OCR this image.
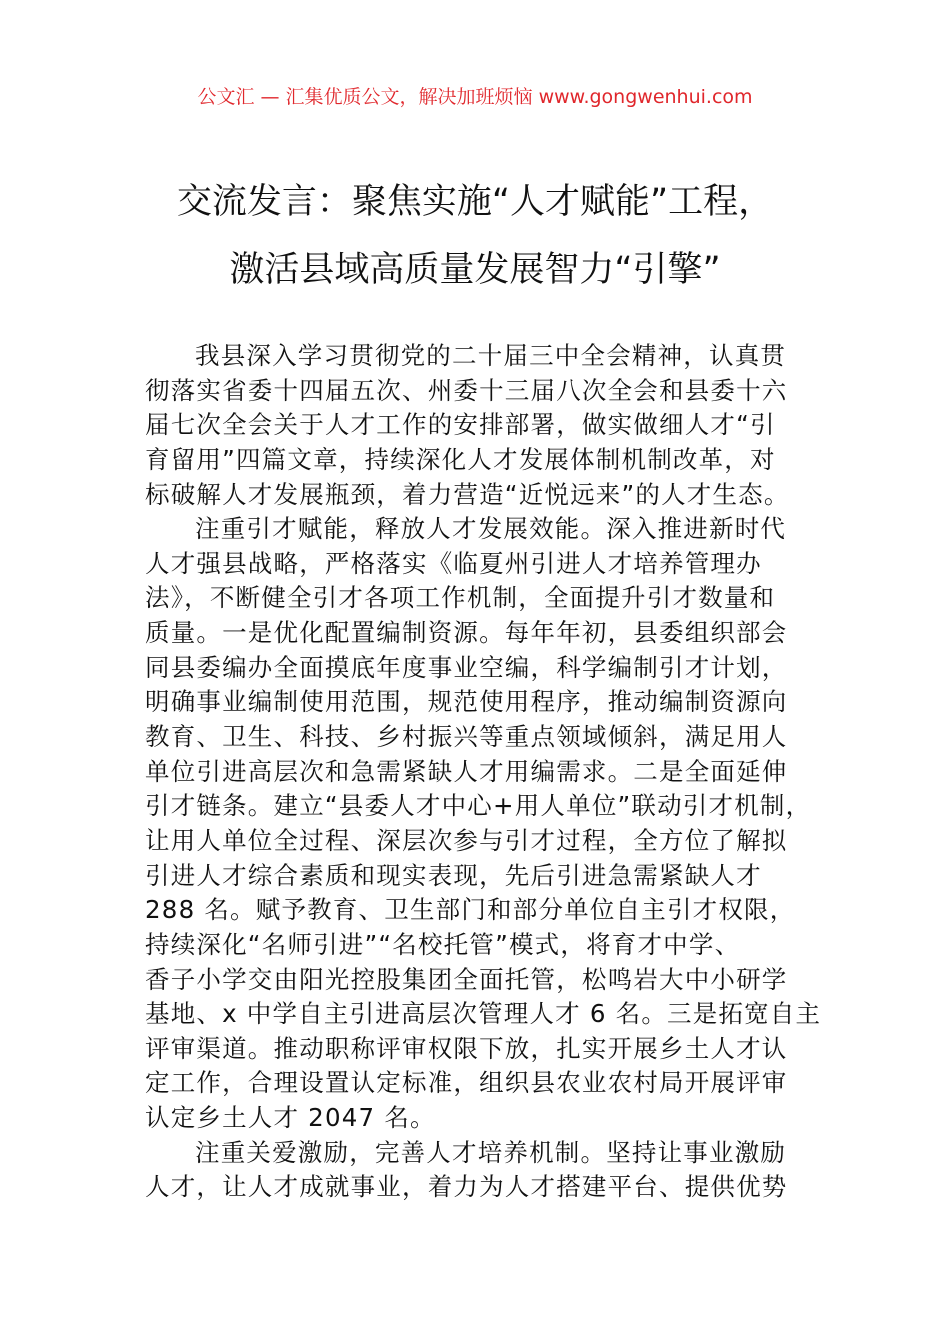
公文汇 — 汇集优质公文，解决加班烦恼 www.gongwenhui.com
交流发言：聚焦实施“人才赋能”工程，
激活县域高质量发展智力“引擎”
我县深入学习贯彻党的二十届三中全会精神，认真贯
彻落实省委十四届五次、州委十三届八次全会和县委十六
届七次全会关于人才工作的安排部署，做实做细人才“引
育留用”四篇文章，持续深化人才发展体制机制改革，对
标破解人才发展瓶颈，着力营造“近悦远来”的人才生态。
注重引才赋能，释放人才发展效能。深入推进新时代
人才强县战略，严格落实《临夏州引进人才培养管理办
法》，不断健全引才各项工作机制，全面提升引才数量和
质量。一是优化配置编制资源。每年年初，县委组织部会
同县委编办全面摸底年度事业空编，科学编制引才计划，
明确事业编制使用范围，规范使用程序，推动编制资源向
教育、卫生、科技、乡村振兴等重点领域倾斜，满足用人
单位引进高层次和急需紧缺人才用编需求。二是全面延伸
引才链条。建立“县委人才中心+用人单位”联动引才机制，
让用人单位全过程、深层次参与引才过程，全方位了解拟
引进人才综合素质和现实表现，先后引进急需紧缺人才
288 名。赋予教育、卫生部门和部分单位自主引才权限，
持续深化“名师引进”“名校托管”模式，将育才中学、
香子小学交由阳光控股集团全面托管，松鸣岩大中小研学
基地、x 中学自主引进高层次管理人才 6 名。三是拓宽自主
评审渠道。推动职称评审权限下放，扎实开展乡土人才认
定工作，合理设置认定标准，组织县农业农村局开展评审
认定乡土人才 2047 名。
注重关爱激励，完善人才培养机制。坚持让事业激励
人才，让人才成就事业，着力为人才搭建平台、提供优势
